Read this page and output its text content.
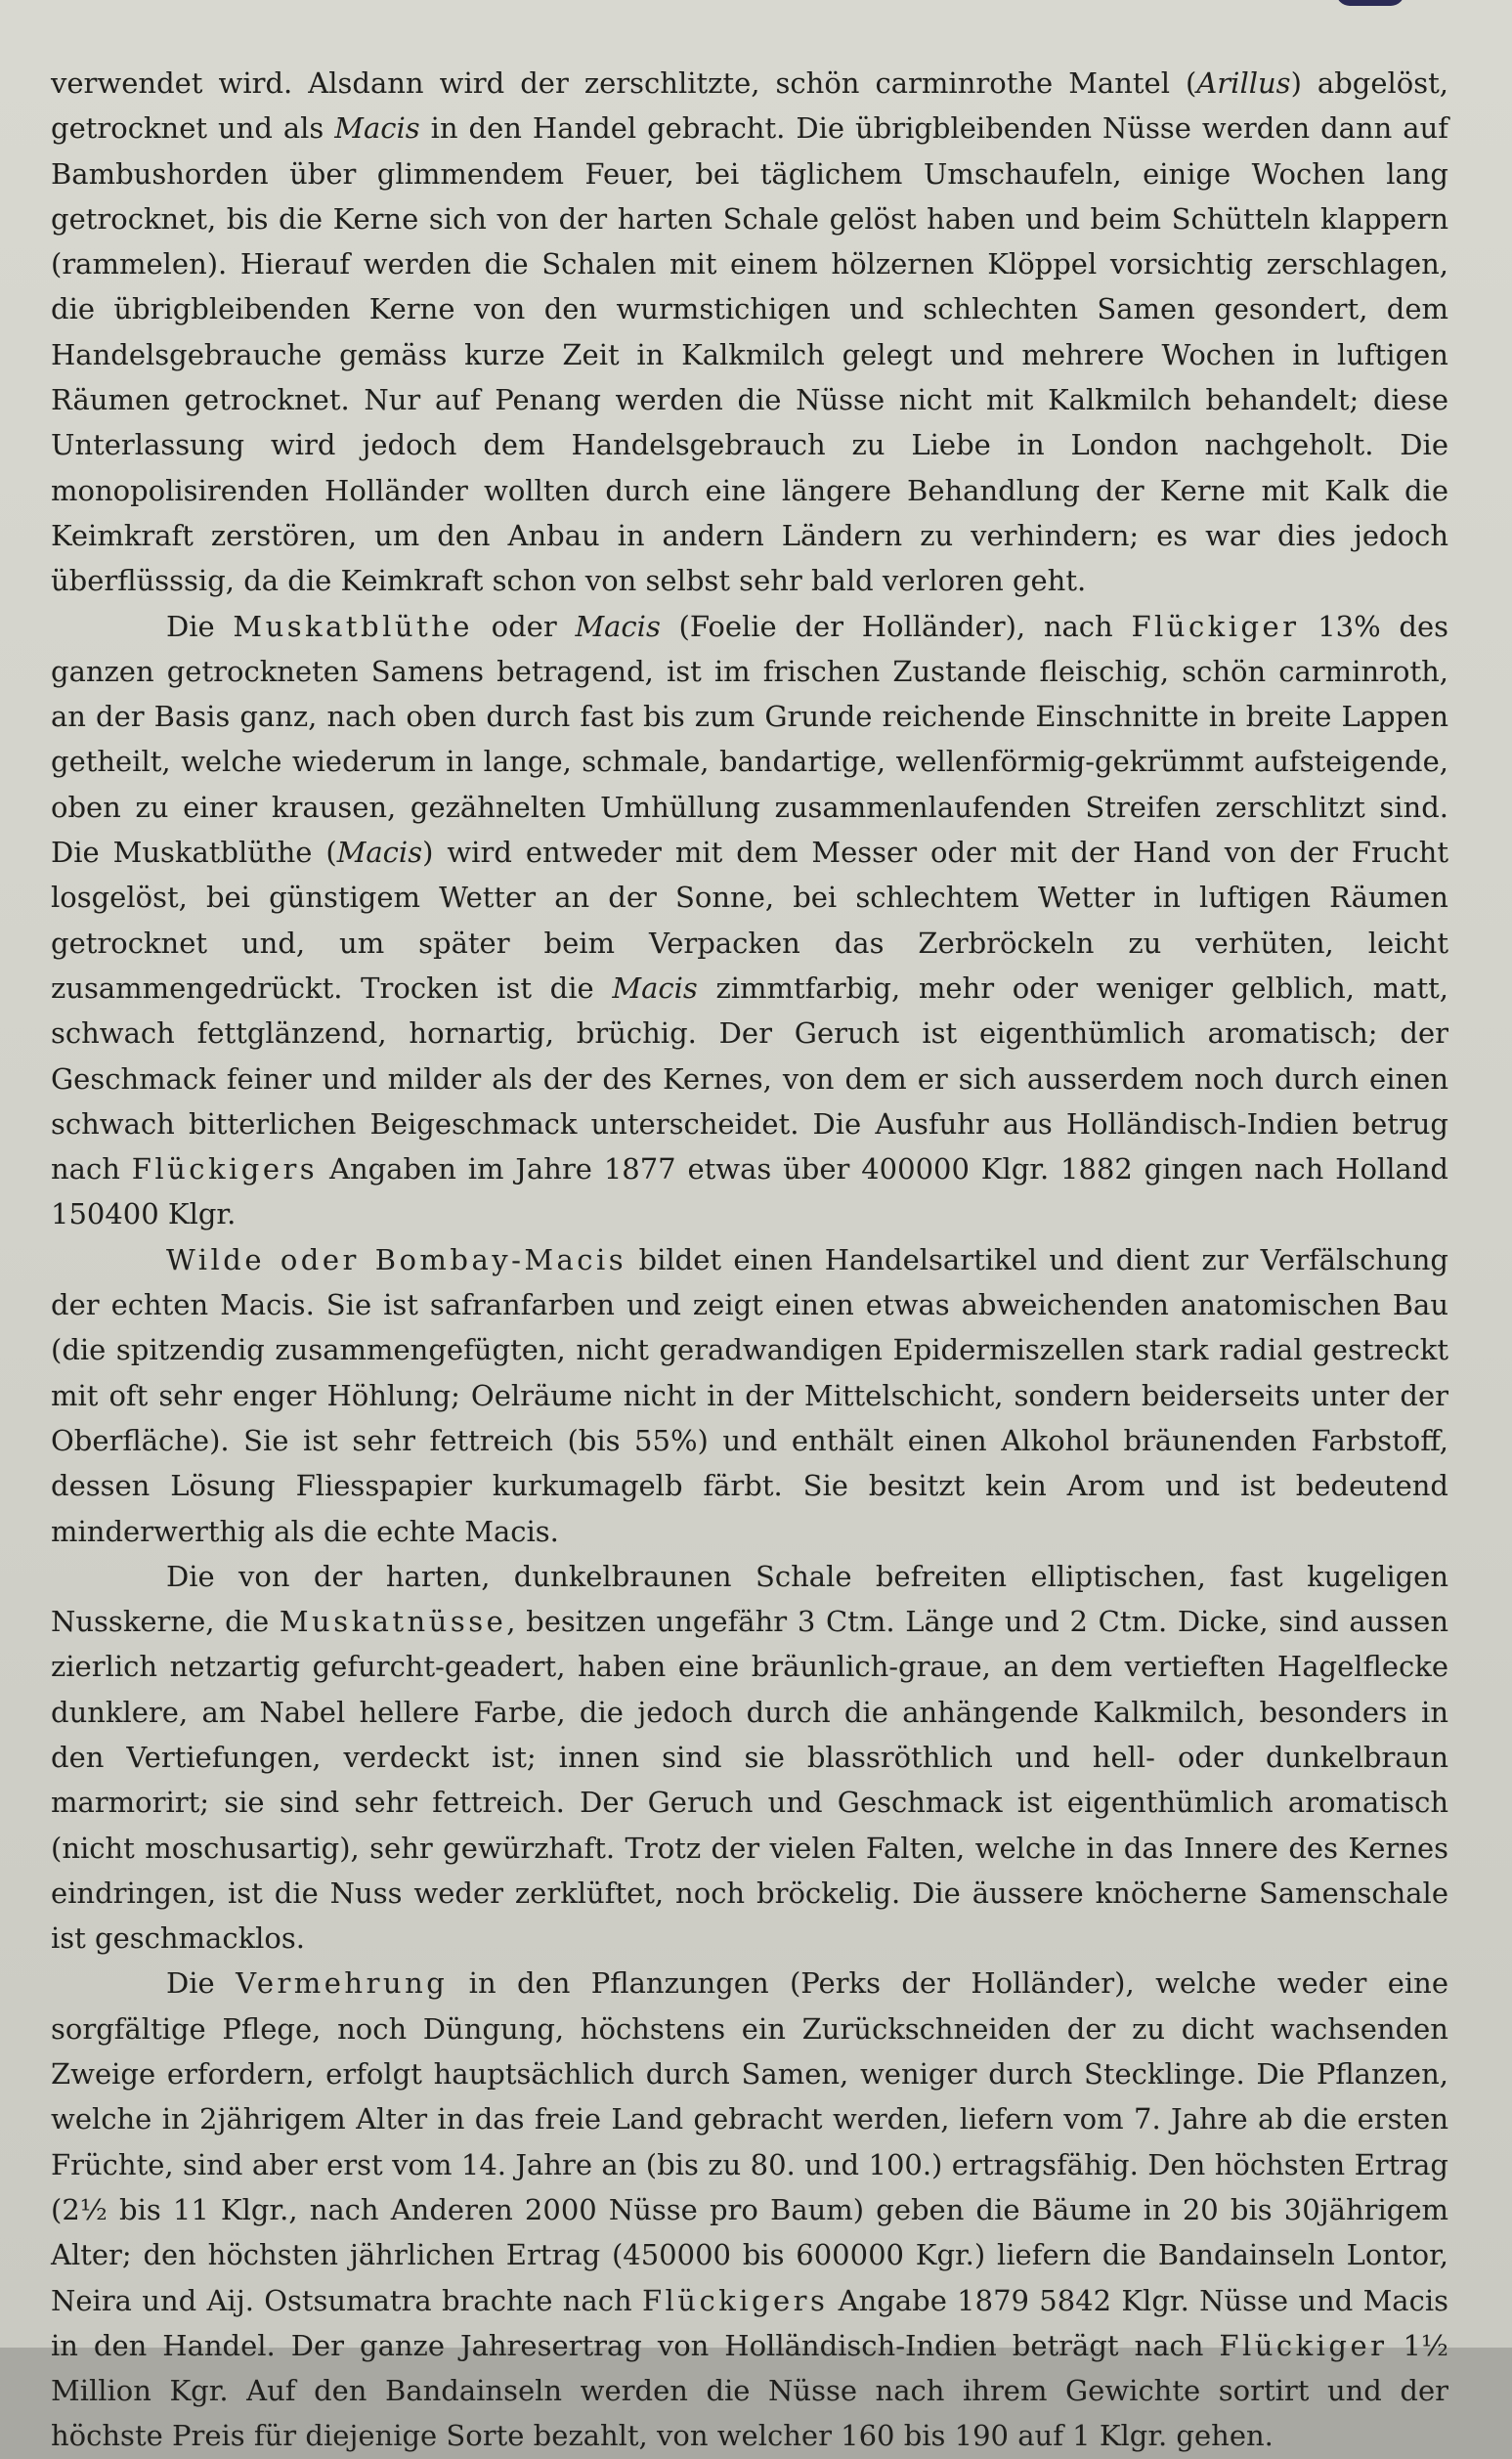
verwendet wird. Alsdann wird der zerschlitzte, schön carminrothe Mantel (Arillus) abgelöst, getrocknet und als Macis in den Handel gebracht. Die übrigbleibenden Nüsse werden dann auf Bambushorden über glimmendem Feuer, bei täglichem Umschaufeln, einige Wochen lang getrocknet, bis die Kerne sich von der harten Schale gelöst haben und beim Schütteln klappern (rammelen). Hierauf werden die Schalen mit einem hölzernen Klöppel vorsichtig zerschlagen, die übrigbleibenden Kerne von den wurmstichigen und schlechten Samen gesondert, dem Handelsgebrauche gemäss kurze Zeit in Kalkmilch gelegt und mehrere Wochen in luftigen Räumen getrocknet. Nur auf Penang werden die Nüsse nicht mit Kalkmilch behandelt; diese Unterlassung wird jedoch dem Handelsgebrauch zu Liebe in London nachgeholt. Die monopolisirenden Holländer wollten durch eine längere Behandlung der Kerne mit Kalk die Keimkraft zerstören, um den Anbau in andern Ländern zu verhindern; es war dies jedoch überflüsssig, da die Keimkraft schon von selbst sehr bald verloren geht.

Die Muskatblüthe oder Macis (Foelie der Holländer), nach Flückiger 13% des ganzen getrockneten Samens betragend, ist im frischen Zustande fleischig, schön carminroth, an der Basis ganz, nach oben durch fast bis zum Grunde reichende Einschnitte in breite Lappen getheilt, welche wiederum in lange, schmale, bandartige, wellenförmig-gekrümmt aufsteigende, oben zu einer krausen, gezähnelten Umhüllung zusammenlaufenden Streifen zerschlitzt sind. Die Muskatblüthe (Macis) wird entweder mit dem Messer oder mit der Hand von der Frucht losgelöst, bei günstigem Wetter an der Sonne, bei schlechtem Wetter in luftigen Räumen getrocknet und, um später beim Verpacken das Zerbröckeln zu verhüten, leicht zusammengedrückt. Trocken ist die Macis zimmtfarbig, mehr oder weniger gelblich, matt, schwach fettglänzend, hornartig, brüchig. Der Geruch ist eigenthümlich aromatisch; der Geschmack feiner und milder als der des Kernes, von dem er sich ausserdem noch durch einen schwach bitterlichen Beigeschmack unterscheidet. Die Ausfuhr aus Holländisch-Indien betrug nach Flückigers Angaben im Jahre 1877 etwas über 400000 Klgr. 1882 gingen nach Holland 150400 Klgr.

Wilde oder Bombay-Macis bildet einen Handelsartikel und dient zur Verfälschung der echten Macis. Sie ist safranfarben und zeigt einen etwas abweichenden anatomischen Bau (die spitzendig zusammengefügten, nicht geradwandigen Epidermiszellen stark radial gestreckt mit oft sehr enger Höhlung; Oelräume nicht in der Mittelschicht, sondern beiderseits unter der Oberfläche). Sie ist sehr fettreich (bis 55%) und enthält einen Alkohol bräunenden Farbstoff, dessen Lösung Fliesspapier kurkumagelb färbt. Sie besitzt kein Arom und ist bedeutend minderwerthig als die echte Macis.

Die von der harten, dunkelbraunen Schale befreiten elliptischen, fast kugeligen Nusskerne, die Muskatnüsse, besitzen ungefähr 3 Ctm. Länge und 2 Ctm. Dicke, sind aussen zierlich netzartig gefurcht-geadert, haben eine bräunlich-graue, an dem vertieften Hagelflecke dunklere, am Nabel hellere Farbe, die jedoch durch die anhängende Kalkmilch, besonders in den Vertiefungen, verdeckt ist; innen sind sie blassröthlich und hell- oder dunkelbraun marmorirt; sie sind sehr fettreich. Der Geruch und Geschmack ist eigenthümlich aromatisch (nicht moschusartig), sehr gewürzhaft. Trotz der vielen Falten, welche in das Innere des Kernes eindringen, ist die Nuss weder zerklüftet, noch bröckelig. Die äussere knöcherne Samenschale ist geschmacklos.

Die Vermehrung in den Pflanzungen (Perks der Holländer), welche weder eine sorgfältige Pflege, noch Düngung, höchstens ein Zurückschneiden der zu dicht wachsenden Zweige erfordern, erfolgt hauptsächlich durch Samen, weniger durch Stecklinge. Die Pflanzen, welche in 2jährigem Alter in das freie Land gebracht werden, liefern vom 7. Jahre ab die ersten Früchte, sind aber erst vom 14. Jahre an (bis zu 80. und 100.) ertragsfähig. Den höchsten Ertrag (2½ bis 11 Klgr., nach Anderen 2000 Nüsse pro Baum) geben die Bäume in 20 bis 30jährigem Alter; den höchsten jährlichen Ertrag (450000 bis 600000 Kgr.) liefern die Bandainseln Lontor, Neira und Aij. Ostsumatra brachte nach Flückigers Angabe 1879 5842 Klgr. Nüsse und Macis in den Handel. Der ganze Jahresertrag von Holländisch-Indien beträgt nach Flückiger 1½ Million Kgr. Auf den Bandainseln werden die Nüsse nach ihrem Gewichte sortirt und der höchste Preis für diejenige Sorte bezahlt, von welcher 160 bis 190 auf 1 Klgr. gehen.
